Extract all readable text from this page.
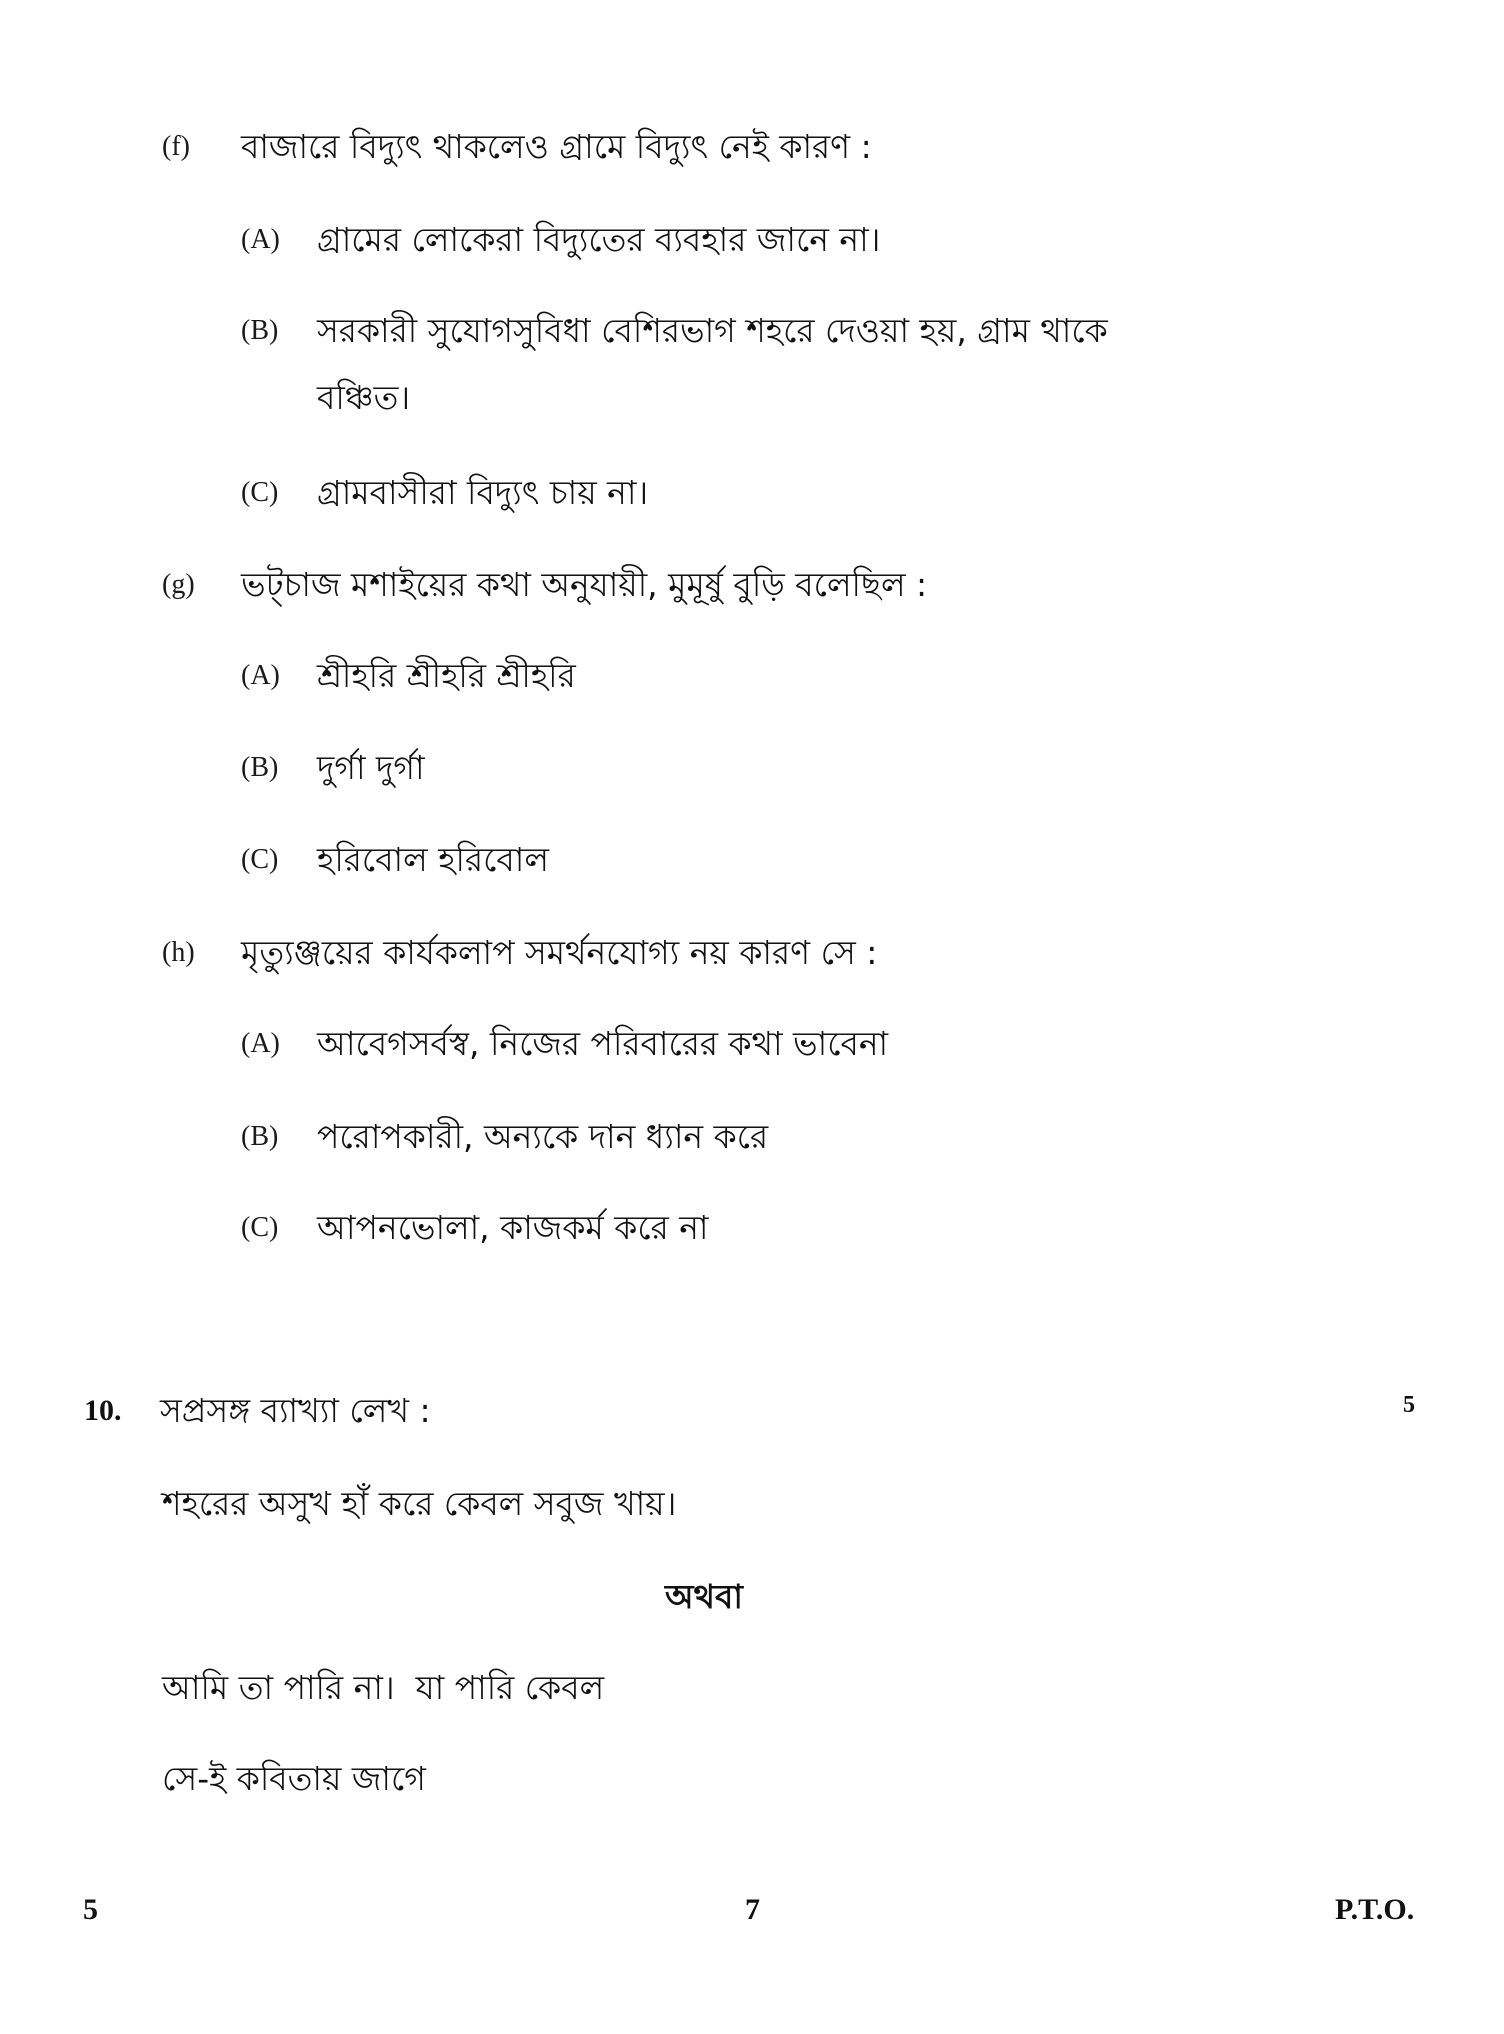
(f) বাজারে বিদ্যুৎ থাকলেও গ্রামে বিদ্যুৎ নেই কারণ :
(A) গ্রামের লোকেরা বিদ্যুতের ব্যবহার জানে না।
(B) সরকারী সুযোগসুবিধা বেশিরভাগ শহরে দেওয়া হয়, গ্রাম থাকে
বঞ্চিত।
(C) গ্রামবাসীরা বিদ্যুৎ চায় না।
(g) ভট্চাজ মশাইয়ের কথা অনুযায়ী, মুমূর্ষু বুড়ি বলেছিল :
(A) শ্রীহরি শ্রীহরি শ্রীহরি
(B) দুর্গা দুর্গা
(C) হরিবোল হরিবোল
(h) মৃত্যুঞ্জয়ের কার্যকলাপ সমর্থনযোগ্য নয় কারণ সে :
(A) আবেগসর্বস্ব, নিজের পরিবারের কথা ভাবেনা
(B) পরোপকারী, অন্যকে দান ধ্যান করে
(C) আপনভোলা, কাজকর্ম করে না
10. সপ্রসঙ্গ ব্যাখ্যা লেখ :	5
শহরের অসুখ হাঁ করে কেবল সবুজ খায়।
অথবা
আমি তা পারি না।  যা পারি কেবল
সে-ই কবিতায় জাগে
5	7	P.T.O.
